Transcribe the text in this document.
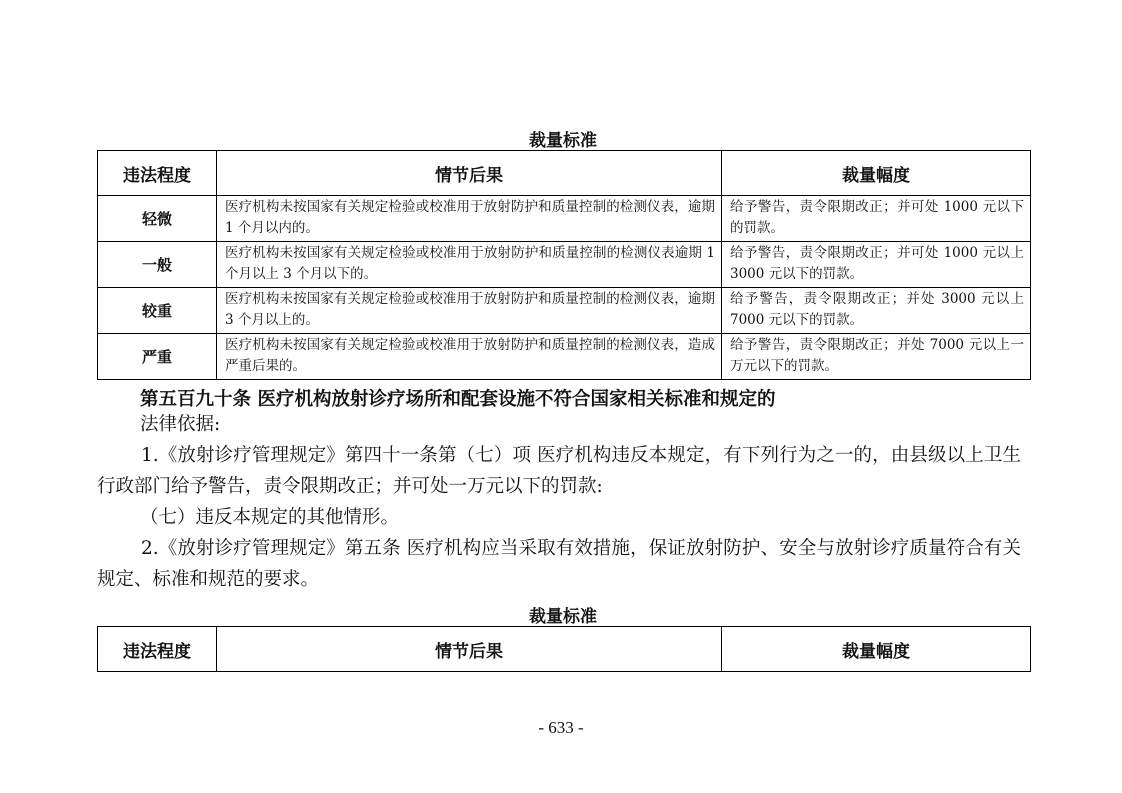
裁量标准
违法程度	情节后果	裁量幅度
轻微	医疗机构未按国家有关规定检验或校准用于放射防护和质量控制的检测仪表，逾期 1 个月以内的。	给予警告，责令限期改正；并可处 1000 元以下的罚款。
一般	医疗机构未按国家有关规定检验或校准用于放射防护和质量控制的检测仪表逾期 1 个月以上 3 个月以下的。	给予警告，责令限期改正；并可处 1000 元以上 3000 元以下的罚款。
较重	医疗机构未按国家有关规定检验或校准用于放射防护和质量控制的检测仪表，逾期 3 个月以上的。	给予警告，责令限期改正；并处 3000 元以上 7000 元以下的罚款。
严重	医疗机构未按国家有关规定检验或校准用于放射防护和质量控制的检测仪表，造成严重后果的。	给予警告，责令限期改正；并处 7000 元以上一万元以下的罚款。
第五百九十条 医疗机构放射诊疗场所和配套设施不符合国家相关标准和规定的
法律依据:
1.《放射诊疗管理规定》第四十一条第（七）项 医疗机构违反本规定，有下列行为之一的，由县级以上卫生行政部门给予警告，责令限期改正；并可处一万元以下的罚款:
（七）违反本规定的其他情形。
2.《放射诊疗管理规定》第五条 医疗机构应当采取有效措施，保证放射防护、安全与放射诊疗质量符合有关规定、标准和规范的要求。
裁量标准
违法程度	情节后果	裁量幅度
- 633 -
